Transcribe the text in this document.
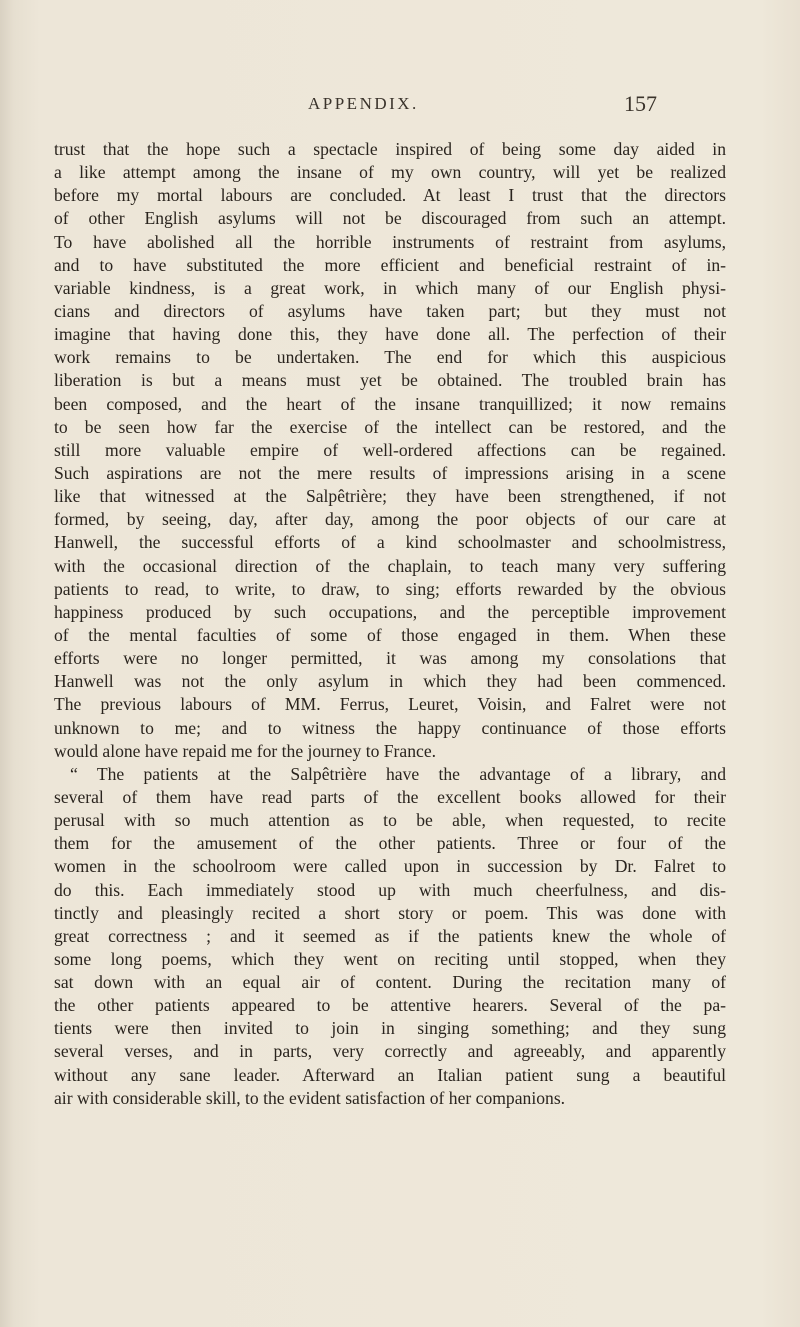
APPENDIX.	157
trust that the hope such a spectacle inspired of being some day aided in
a like attempt among the insane of my own country, will yet be realized
before my mortal labours are concluded. At least I trust that the directors
of other English asylums will not be discouraged from such an attempt.
To have abolished all the horrible instruments of restraint from asylums,
and to have substituted the more efficient and beneficial restraint of in-
variable kindness, is a great work, in which many of our English physi-
cians and directors of asylums have taken part; but they must not
imagine that having done this, they have done all. The perfection of their
work remains to be undertaken. The end for which this auspicious
liberation is but a means must yet be obtained. The troubled brain has
been composed, and the heart of the insane tranquillized; it now remains
to be seen how far the exercise of the intellect can be restored, and the
still more valuable empire of well-ordered affections can be regained.
Such aspirations are not the mere results of impressions arising in a scene
like that witnessed at the Salpêtrière; they have been strengthened, if not
formed, by seeing, day, after day, among the poor objects of our care at
Hanwell, the successful efforts of a kind schoolmaster and schoolmistress,
with the occasional direction of the chaplain, to teach many very suffering
patients to read, to write, to draw, to sing; efforts rewarded by the obvious
happiness produced by such occupations, and the perceptible improvement
of the mental faculties of some of those engaged in them. When these
efforts were no longer permitted, it was among my consolations that
Hanwell was not the only asylum in which they had been commenced.
The previous labours of MM. Ferrus, Leuret, Voisin, and Falret were not
unknown to me; and to witness the happy continuance of those efforts
would alone have repaid me for the journey to France.
“ The patients at the Salpêtrière have the advantage of a library, and
several of them have read parts of the excellent books allowed for their
perusal with so much attention as to be able, when requested, to recite
them for the amusement of the other patients. Three or four of the
women in the schoolroom were called upon in succession by Dr. Falret to
do this. Each immediately stood up with much cheerfulness, and dis-
tinctly and pleasingly recited a short story or poem. This was done with
great correctness ; and it seemed as if the patients knew the whole of
some long poems, which they went on reciting until stopped, when they
sat down with an equal air of content. During the recitation many of
the other patients appeared to be attentive hearers. Several of the pa-
tients were then invited to join in singing something; and they sung
several verses, and in parts, very correctly and agreeably, and apparently
without any sane leader. Afterward an Italian patient sung a beautiful
air with considerable skill, to the evident satisfaction of her companions.
